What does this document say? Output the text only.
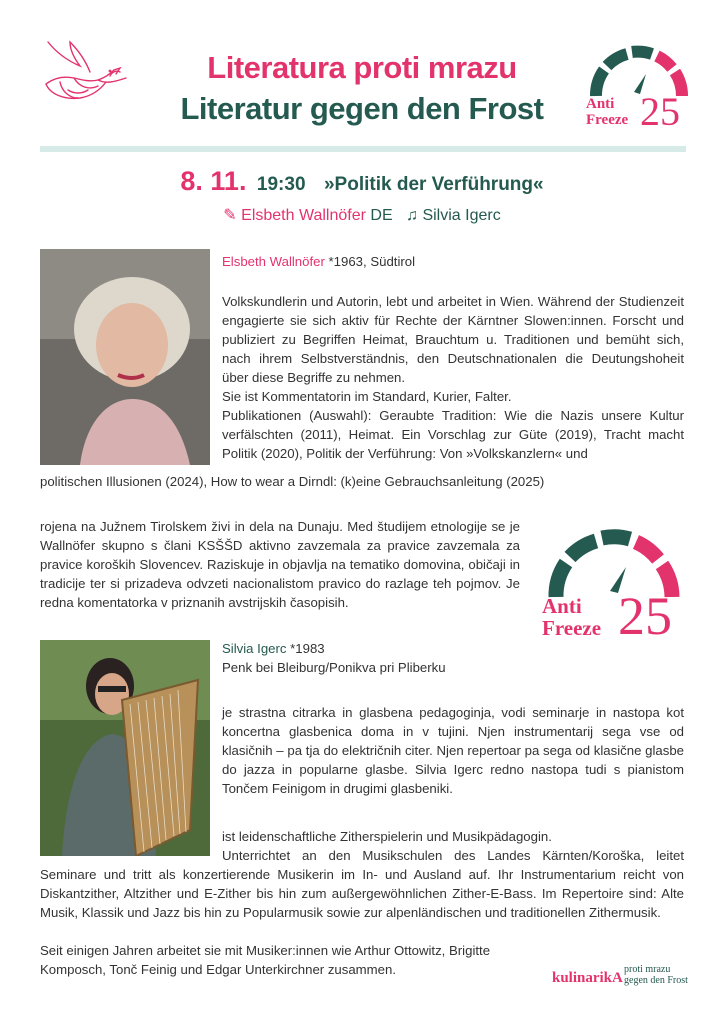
Literatura proti mrazu
Literatur gegen den Frost	Anti
Freeze 25
8. 11. 19:30 »Politik der Verführung«
✎ Elsbeth Wallnöfer DE ♫ Silvia Igerc
Elsbeth Wallnöfer *1963, Südtirol

Volkskundlerin und Autorin, lebt und arbeitet in Wien. Während der Studienzeit engagierte sie sich aktiv für Rechte der Kärntner Slowen:innen. Forscht und publiziert zu Begriffen Heimat, Brauchtum u. Traditionen und bemüht sich, nach ihrem Selbstverständnis, den Deutschnationalen die Deutungshoheit über diese Begriffe zu nehmen.

Sie ist Kommentatorin im Standard, Kurier, Falter.

Publikationen (Auswahl): Geraubte Tradition: Wie die Nazis unsere Kultur verfälschten (2011), Heimat. Ein Vorschlag zur Güte (2019), Tracht macht Politik (2020), Politik der Verführung: Von »Volkskanzlern« und

politischen Illusionen (2024), How to wear a Dirndl: (k)eine Gebrauchsanleitung (2025)
rojena na Južnem Tirolskem živi in dela na Dunaju. Med študijem etnologije se je Wallnöfer skupno s člani KSŠŠD aktivno zavzemala za pravice zavzemala za pravice koroških Slovencev. Raziskuje in objavlja na tematiko domovina, običaji in tradicije ter si prizadeva odvzeti nacionalistom pravico do razlage teh pojmov. Je redna komentatorka v priznanih avstrijskih časopisih.	Anti
Freeze 25
Silvia Igerc *1983
Penk bei Bleiburg/Ponikva pri Pliberku
je strastna citrarka in glasbena pedagoginja, vodi seminarje in nastopa kot koncertna glasbenica doma in v tujini. Njen instrumentarij sega vse od klasičnih – pa tja do električnih citer. Njen repertoar pa sega od klasične glasbe do jazza in popularne glasbe. Silvia Igerc redno nastopa tudi s pianistom Tončem Feinigom in drugimi glasbeniki.
ist leidenschaftliche Zitherspielerin und Musikpädagogin.
Unterrichtet an den Musikschulen des Landes Kärnten/Koroška, leitet Seminare und tritt als konzertierende Musikerin im In- und Ausland auf. Ihr Instrumentarium reicht von Diskantzither, Altzither und E-Zither bis hin zum außergewöhnlichen Zither-E-Bass. Im Repertoire sind: Alte Musik, Klassik und Jazz bis hin zu Popularmusik sowie zur alpenländischen und traditionellen Zithermusik.
Seit einigen Jahren arbeitet sie mit Musiker:innen wie Arthur Ottowitz, Brigitte Komposch, Tonč Feinig und Edgar Unterkirchner zusammen.
kulinarikA
proti mrazu
gegen den Frost
